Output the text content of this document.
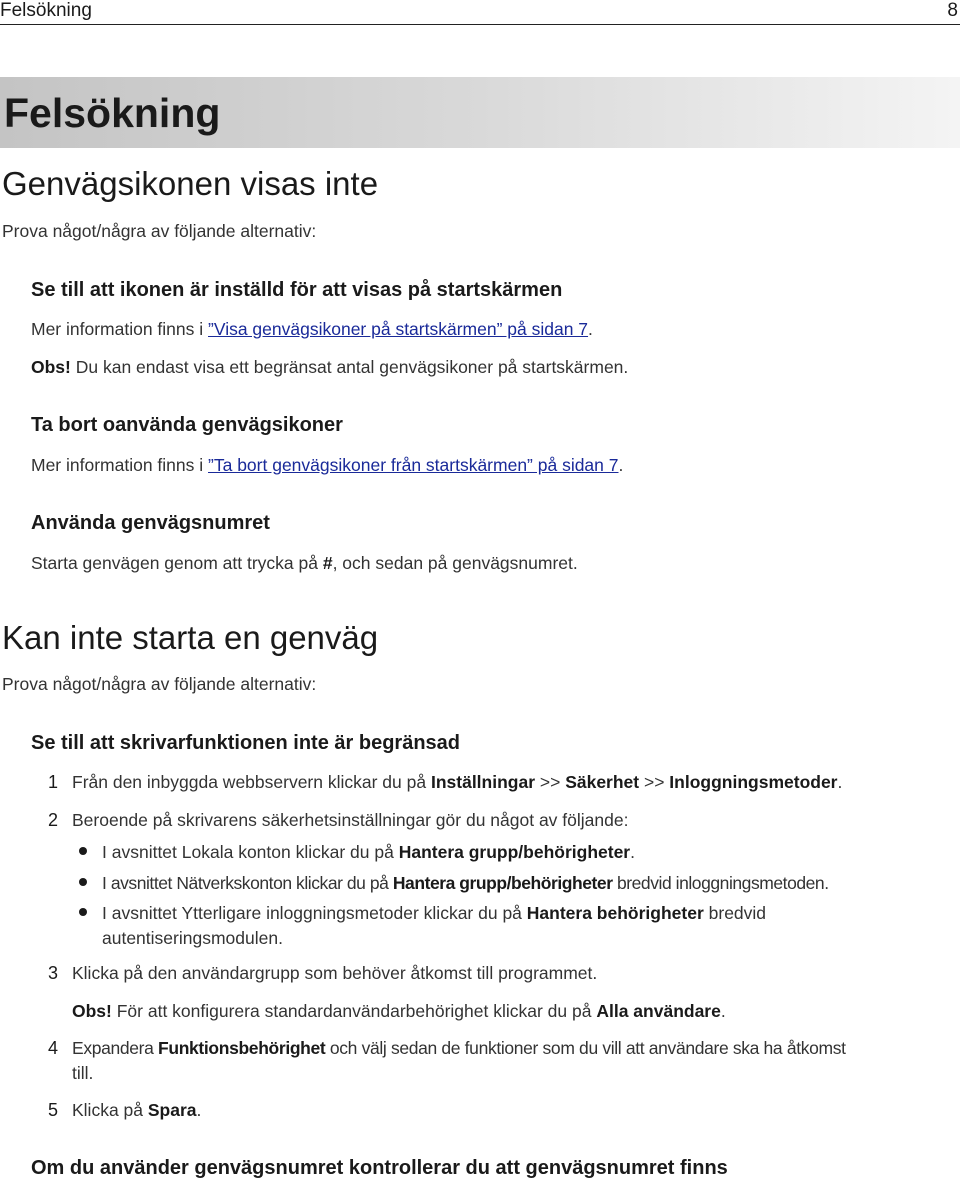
Felsökning	8
Felsökning
Genvägsikonen visas inte

Prova något/några av följande alternativ:

Se till att ikonen är inställd för att visas på startskärmen

Mer information finns i ”Visa genvägsikoner på startskärmen” på sidan 7.

Obs! Du kan endast visa ett begränsat antal genvägsikoner på startskärmen.

Ta bort oanvända genvägsikoner

Mer information finns i ”Ta bort genvägsikoner från startskärmen” på sidan 7.

Använda genvägsnumret

Starta genvägen genom att trycka på #, och sedan på genvägsnumret.

Kan inte starta en genväg

Prova något/några av följande alternativ:

Se till att skrivarfunktionen inte är begränsad
1 Från den inbyggda webbservern klickar du på Inställningar >> Säkerhet >> Inloggningsmetoder.

2 Beroende på skrivarens säkerhetsinställningar gör du något av följande:

I avsnittet Lokala konton klickar du på Hantera grupp/behörigheter.

I avsnittet Nätverkskonton klickar du på Hantera grupp/behörigheter bredvid inloggningsmetoden.

I avsnittet Ytterligare inloggningsmetoder klickar du på Hantera behörigheter bredvid

autentiseringsmodulen.

3 Klicka på den användargrupp som behöver åtkomst till programmet.

Obs! För att konfigurera standardanvändarbehörighet klickar du på Alla användare.

4 Expandera Funktionsbehörighet och välj sedan de funktioner som du vill att användare ska ha åtkomst

till.

5 Klicka på Spara.

Om du använder genvägsnumret kontrollerar du att genvägsnumret finns
